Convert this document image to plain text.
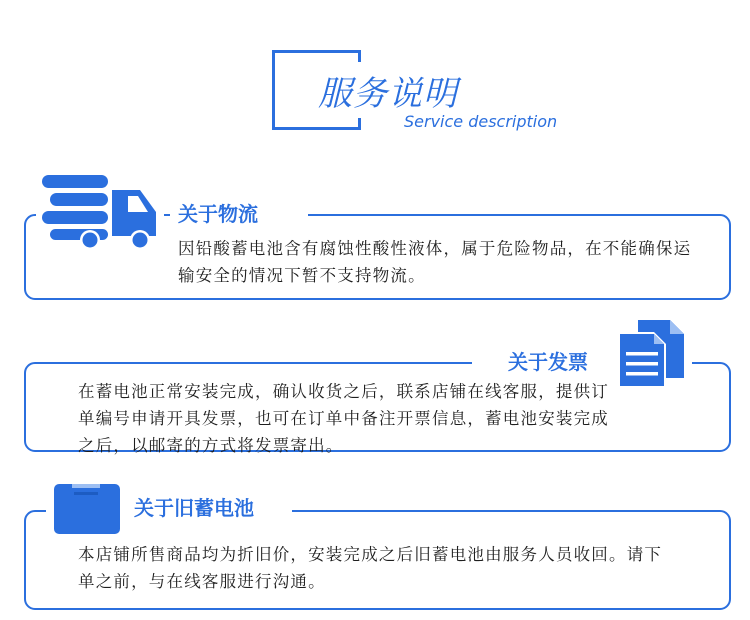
服务说明
Service description
关于物流
因铅酸蓄电池含有腐蚀性酸性液体，属于危险物品，在不能确保运输安全的情况下暂不支持物流。
关于发票
在蓄电池正常安装完成，确认收货之后，联系店铺在线客服，提供订单编号申请开具发票，也可在订单中备注开票信息，蓄电池安装完成之后，以邮寄的方式将发票寄出。
关于旧蓄电池
本店铺所售商品均为折旧价，安装完成之后旧蓄电池由服务人员收回。请下单之前，与在线客服进行沟通。
